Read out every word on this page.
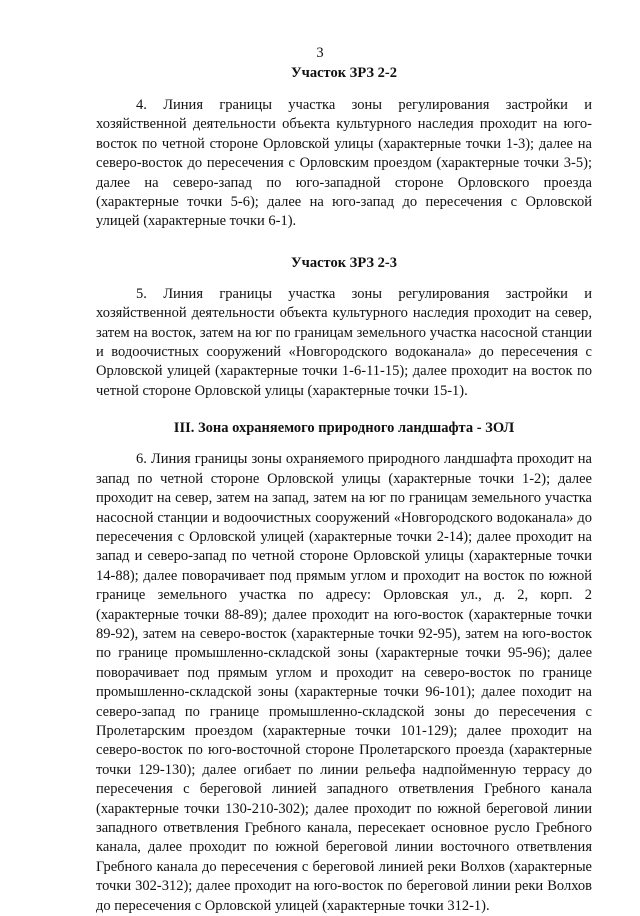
3
Участок ЗРЗ 2-2

4. Линия границы участка зоны регулирования застройки и хозяйственной деятельности объекта культурного наследия проходит на юго-восток по четной стороне Орловской улицы (характерные точки 1-3); далее на северо-восток до пересечения с Орловским проездом (характерные точки 3-5); далее на северо-запад по юго-западной стороне Орловского проезда (характерные точки 5-6); далее на юго-запад до пересечения с Орловской улицей (характерные точки 6-1).

Участок ЗРЗ 2-3

5. Линия границы участка зоны регулирования застройки и хозяйственной деятельности объекта культурного наследия проходит на север, затем на восток, затем на юг по границам земельного участка насосной станции и водоочистных сооружений «Новгородского водоканала» до пересечения с Орловской улицей (характерные точки 1-6-11-15); далее проходит на восток по четной стороне Орловской улицы (характерные точки 15-1).

III. Зона охраняемого природного ландшафта - ЗОЛ

6. Линия границы зоны охраняемого природного ландшафта проходит на запад по четной стороне Орловской улицы (характерные точки 1-2); далее проходит на север, затем на запад, затем на юг по границам земельного участка насосной станции и водоочистных сооружений «Новгородского водоканала» до пересечения с Орловской улицей (характерные точки 2-14); далее проходит на запад и северо-запад по четной стороне Орловской улицы (характерные точки 14-88); далее поворачивает под прямым углом и проходит на восток по южной границе земельного участка по адресу: Орловская ул., д. 2, корп. 2 (характерные точки 88-89); далее проходит на юго-восток (характерные точки 89-92), затем на северо-восток (характерные точки 92-95), затем на юго-восток по границе промышленно-складской зоны (характерные точки 95-96); далее поворачивает под прямым углом и проходит на северо-восток по границе промышленно-складской зоны (характерные точки 96-101); далее походит на северо-запад по границе промышленно-складской зоны до пересечения с Пролетарским проездом (характерные точки 101-129); далее проходит на северо-восток по юго-восточной стороне Пролетарского проезда (характерные точки 129-130); далее огибает по линии рельефа надпойменную террасу до пересечения с береговой линией западного ответвления Гребного канала (характерные точки 130-210-302); далее проходит по южной береговой линии западного ответвления Гребного канала, пересекает основное русло Гребного канала, далее проходит по южной береговой линии восточного ответвления Гребного канала до пересечения с береговой линией реки Волхов (характерные точки 302-312); далее проходит на юго-восток по береговой линии реки Волхов до пересечения с Орловской улицей (характерные точки 312-1).
